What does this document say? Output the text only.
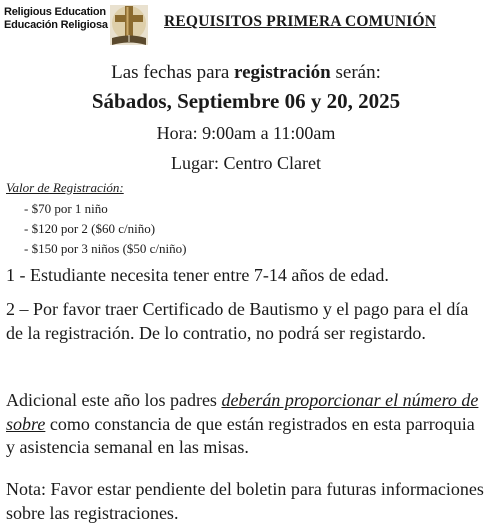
Religious Education
Educación Religiosa	REQUISITOS PRIMERA COMUNIÓN
Las fechas para registración serán:
Sábados, Septiembre 06 y 20, 2025
Hora: 9:00am a 11:00am
Lugar: Centro Claret
Valor de Registración:
- $70 por 1 niño
- $120 por 2 ($60 c/niño)
- $150 por 3 niños ($50 c/niño)
1 - Estudiante necesita tener entre 7-14 años de edad.
2 – Por favor traer Certificado de Bautismo y el pago para el día de la registración. De lo contratio, no podrá ser registardo.
Adicional este año los padres deberán proporcionar el número de sobre como constancia de que están registrados en esta parroquia y asistencia semanal en las misas.
Nota: Favor estar pendiente del boletin para futuras informaciones sobre las registraciones.
